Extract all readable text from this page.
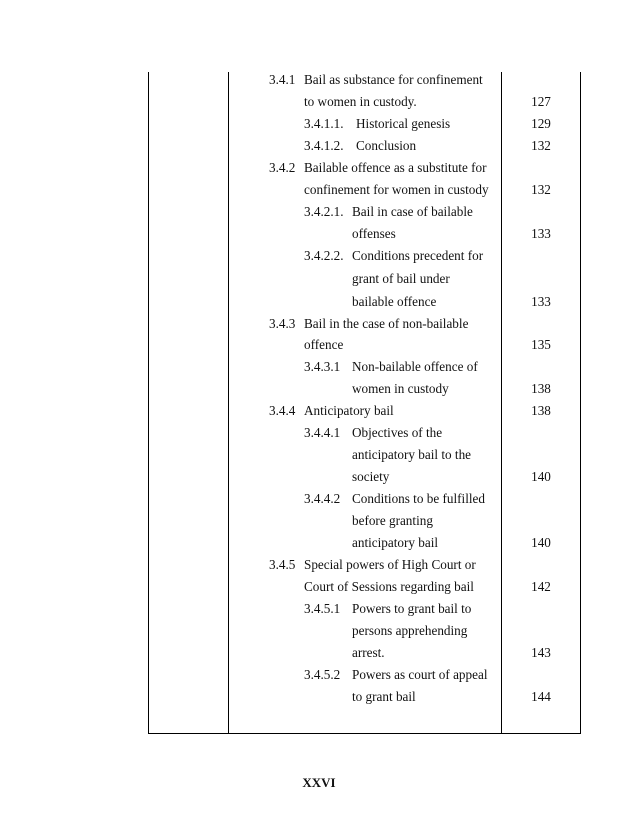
3.4.1 Bail as substance for confinement
to women in custody.	127
3.4.1.1. Historical genesis	129
3.4.1.2. Conclusion	132
3.4.2 Bailable offence as a substitute for
confinement for women in custody	132
3.4.2.1. Bail in case of bailable
offenses	133
3.4.2.2. Conditions precedent for
grant of bail under
bailable offence	133
3.4.3 Bail in the case of non-bailable
offence	135
3.4.3.1 Non-bailable offence of
women in custody	138
3.4.4 Anticipatory bail	138
3.4.4.1 Objectives of the
anticipatory bail to the
society	140
3.4.4.2 Conditions to be fulfilled
before granting
anticipatory bail	140
3.4.5 Special powers of High Court or
Court of Sessions regarding bail	142
3.4.5.1 Powers to grant bail to
persons apprehending
arrest.	143
3.4.5.2 Powers as court of appeal
to grant bail	144
XXVI
